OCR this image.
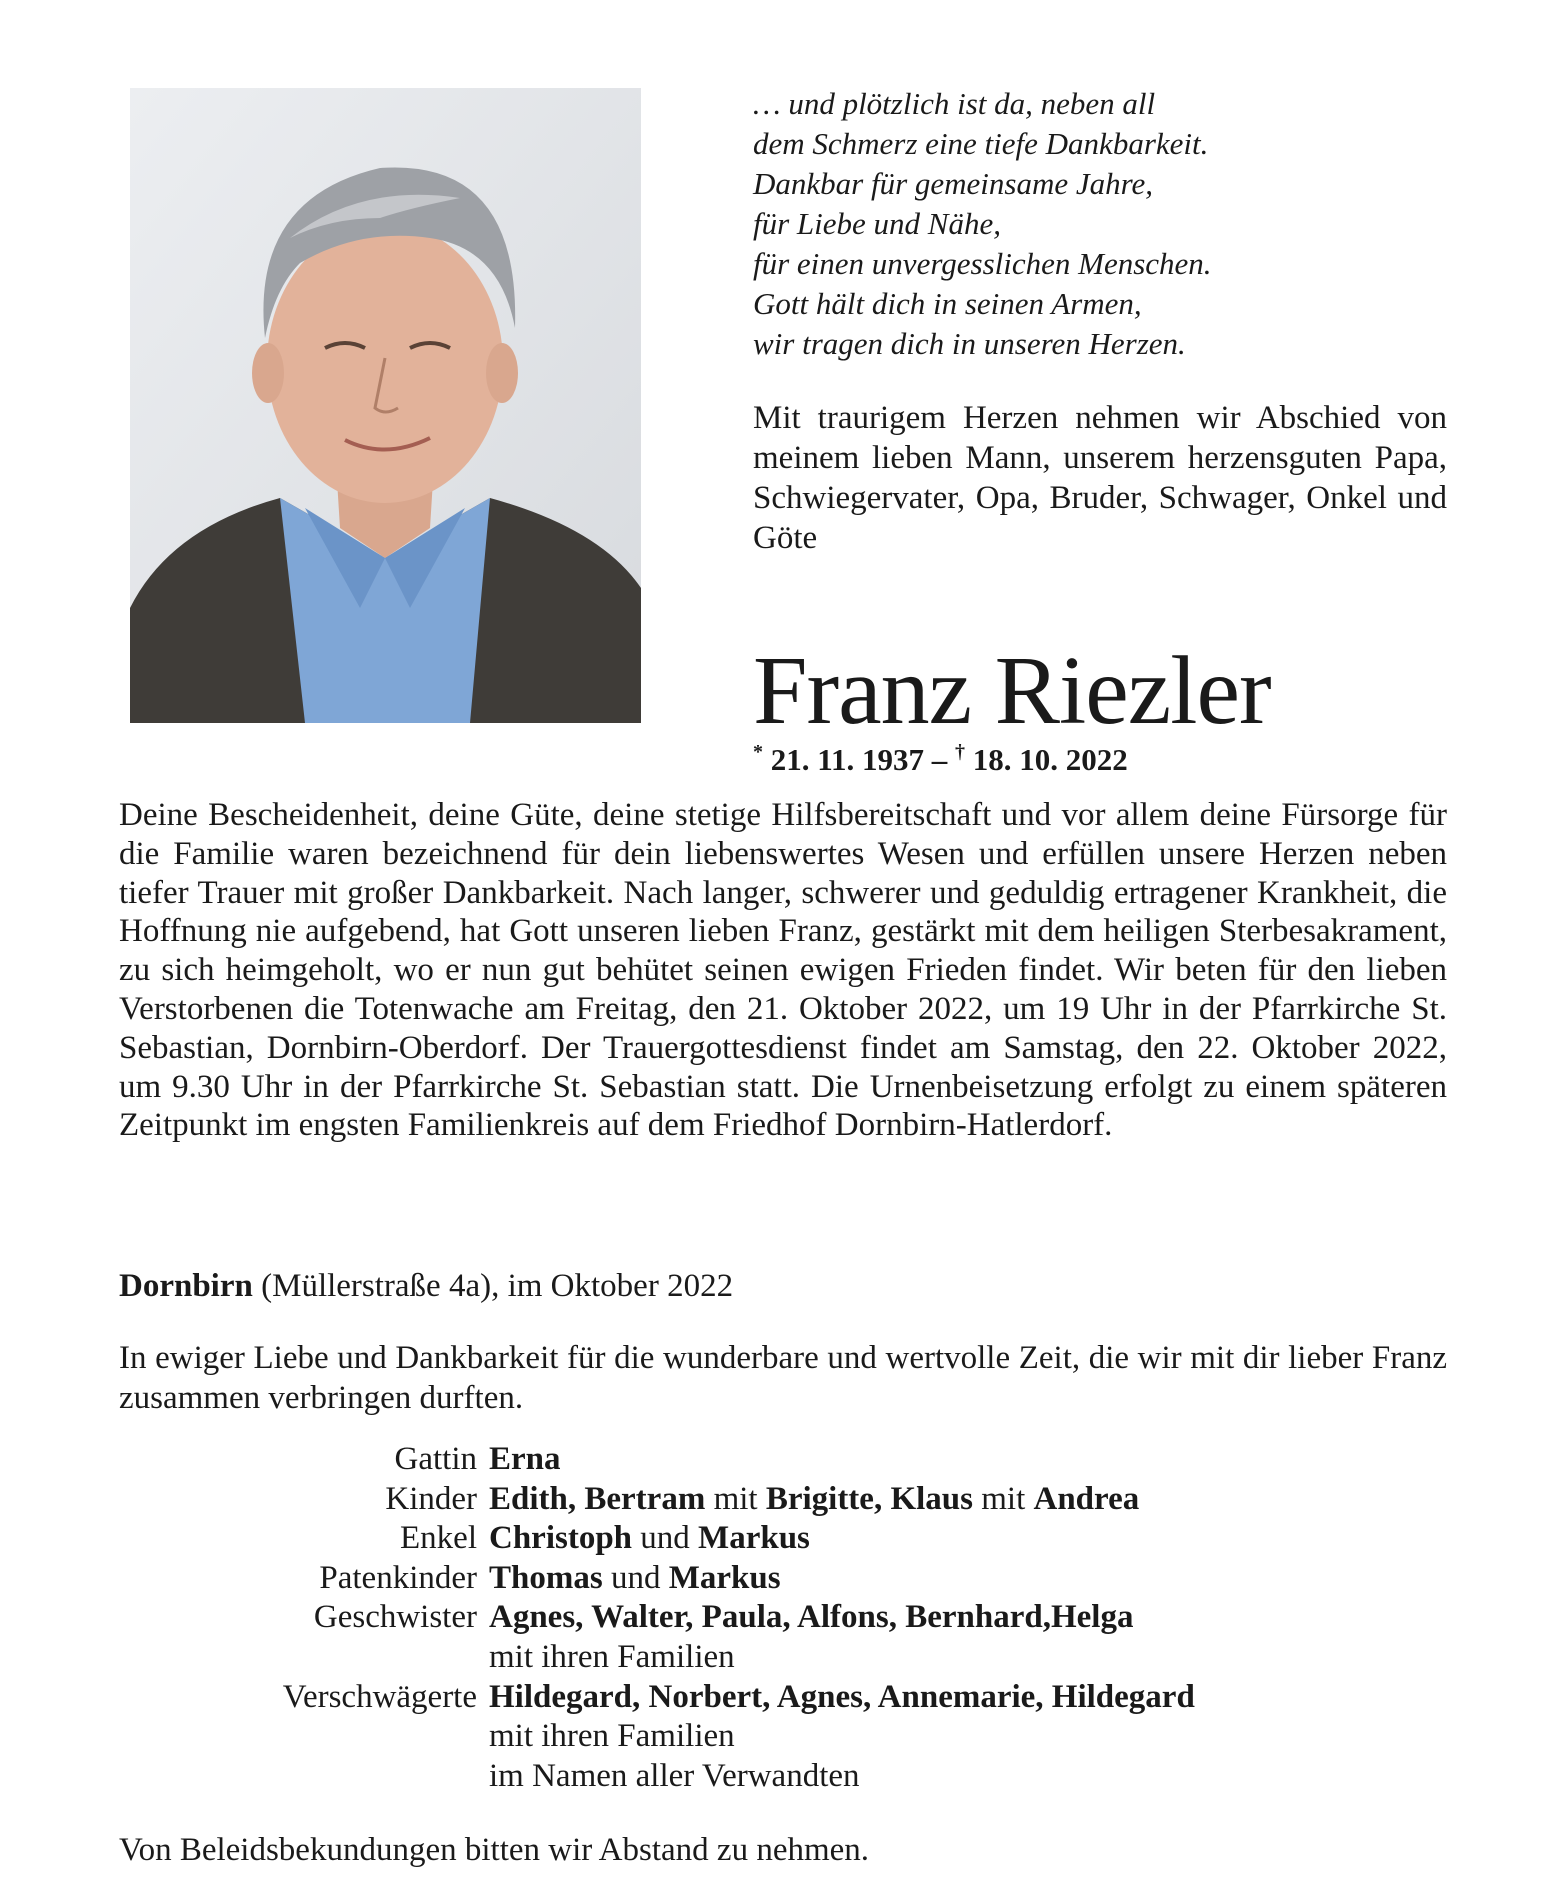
… und plötzlich ist da, neben all
dem Schmerz eine tiefe Dankbarkeit.
Dankbar für gemeinsame Jahre,
für Liebe und Nähe,
für einen unvergesslichen Menschen.
Gott hält dich in seinen Armen,
wir tragen dich in unseren Herzen.

Mit traurigem Herzen nehmen wir Abschied von meinem lieben Mann, unserem herzensguten Papa, Schwiegervater, Opa, Bruder, Schwager, Onkel und Göte

Franz Riezler
* 21. 11. 1937 – † 18. 10. 2022

Deine Bescheidenheit, deine Güte, deine stetige Hilfsbereitschaft und vor allem deine Fürsorge für die Familie waren bezeichnend für dein liebenswertes Wesen und erfüllen unsere Herzen neben tiefer Trauer mit großer Dankbarkeit. Nach langer, schwerer und geduldig ertragener Krankheit, die Hoffnung nie aufgebend, hat Gott unseren lieben Franz, gestärkt mit dem heiligen Sterbesakrament, zu sich heimgeholt, wo er nun gut behütet seinen ewigen Frieden findet. Wir beten für den lieben Verstorbenen die Totenwache am Freitag, den 21. Oktober 2022, um 19 Uhr in der Pfarrkirche St. Sebastian, Dornbirn-Oberdorf. Der Trauergottesdienst findet am Samstag, den 22. Oktober 2022, um 9.30 Uhr in der Pfarrkirche St. Sebastian statt. Die Urnenbeisetzung erfolgt zu einem späteren Zeitpunkt im engsten Familienkreis auf dem Friedhof Dornbirn-Hatlerdorf.

Dornbirn (Müllerstraße 4a), im Oktober 2022

In ewiger Liebe und Dankbarkeit für die wunderbare und wertvolle Zeit, die wir mit dir lieber Franz zusammen verbringen durften.

Gattin Erna
Kinder Edith, Bertram mit Brigitte, Klaus mit Andrea
Enkel Christoph und Markus
Patenkinder Thomas und Markus
Geschwister Agnes, Walter, Paula, Alfons, Bernhard,Helga
mit ihren Familien
Verschwägerte Hildegard, Norbert, Agnes, Annemarie, Hildegard
mit ihren Familien
im Namen aller Verwandten
Von Beleidsbekundungen bitten wir Abstand zu nehmen.
